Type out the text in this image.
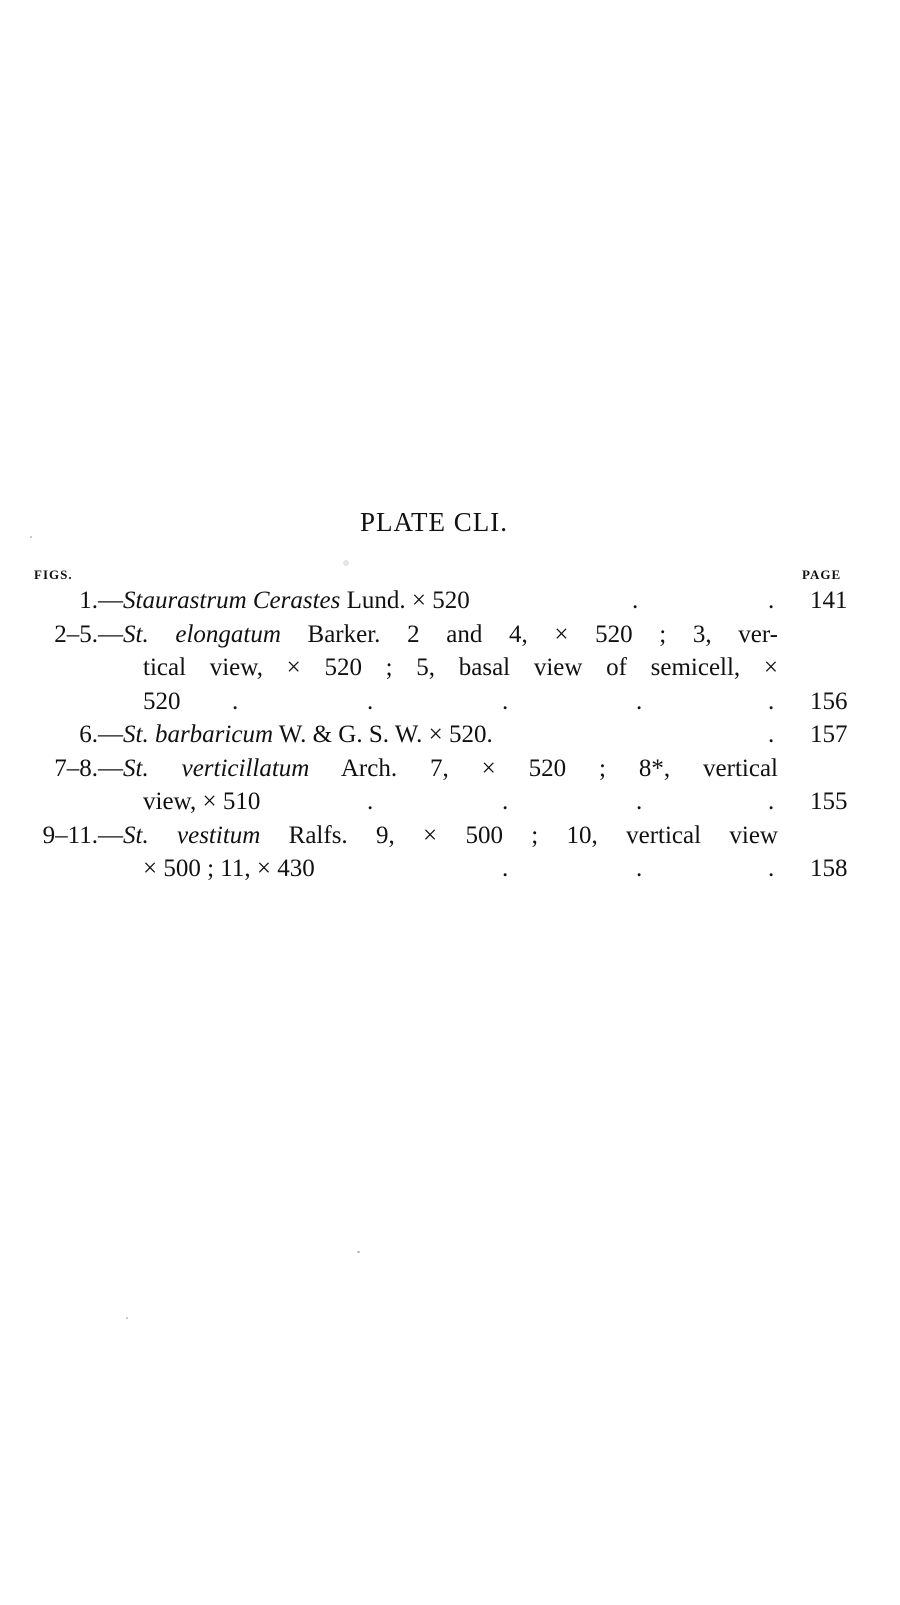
PLATE CLI.
FIGS.	PAGE
1.— Staurastrum Cerastes Lund. × 520	.	. 141
2–5.— St. elongatum Barker. 2 and 4, × 520 ; 3, ver-
tical view, × 520 ; 5, basal view of semicell, ×
520 .	.	.	.	. 156
6.— St. barbaricum W. & G. S. W. × 520.	. 157
7–8.— St. verticillatum Arch. 7, × 520 ; 8*, vertical
view, × 510	.	.	.	. 155
9–11.— St. vestitum Ralfs. 9, × 500 ; 10, vertical view
× 500 ; 11, × 430	.	.	. 158
